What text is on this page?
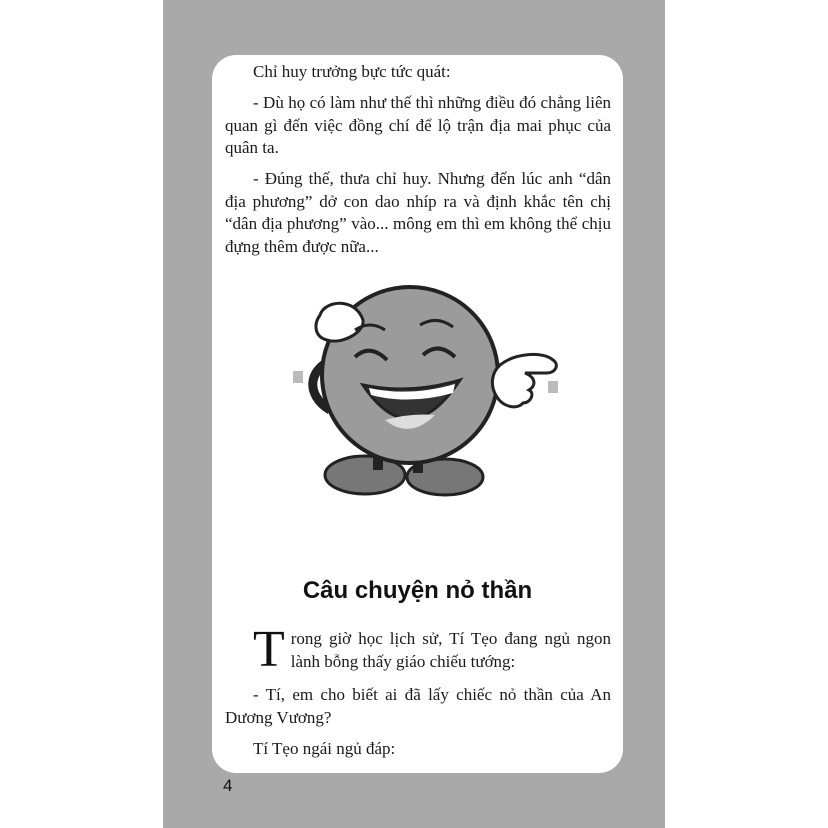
Chỉ huy trưởng bực tức quát:

- Dù họ có làm như thế thì những điều đó chẳng liên quan gì đến việc đồng chí để lộ trận địa mai phục của quân ta.

- Đúng thế, thưa chỉ huy. Nhưng đến lúc anh “dân địa phương” dở con dao nhíp ra và định khắc tên chị “dân địa phương” vào... mông em thì em không thể chịu đựng thêm được nữa...

Câu chuyện nỏ thần

Trong giờ học lịch sử, Tí Tẹo đang ngủ ngon lành bỗng thấy giáo chiếu tướng:

- Tí, em cho biết ai đã lấy chiếc nỏ thần của An Dương Vương?

Tí Tẹo ngái ngủ đáp:

4
